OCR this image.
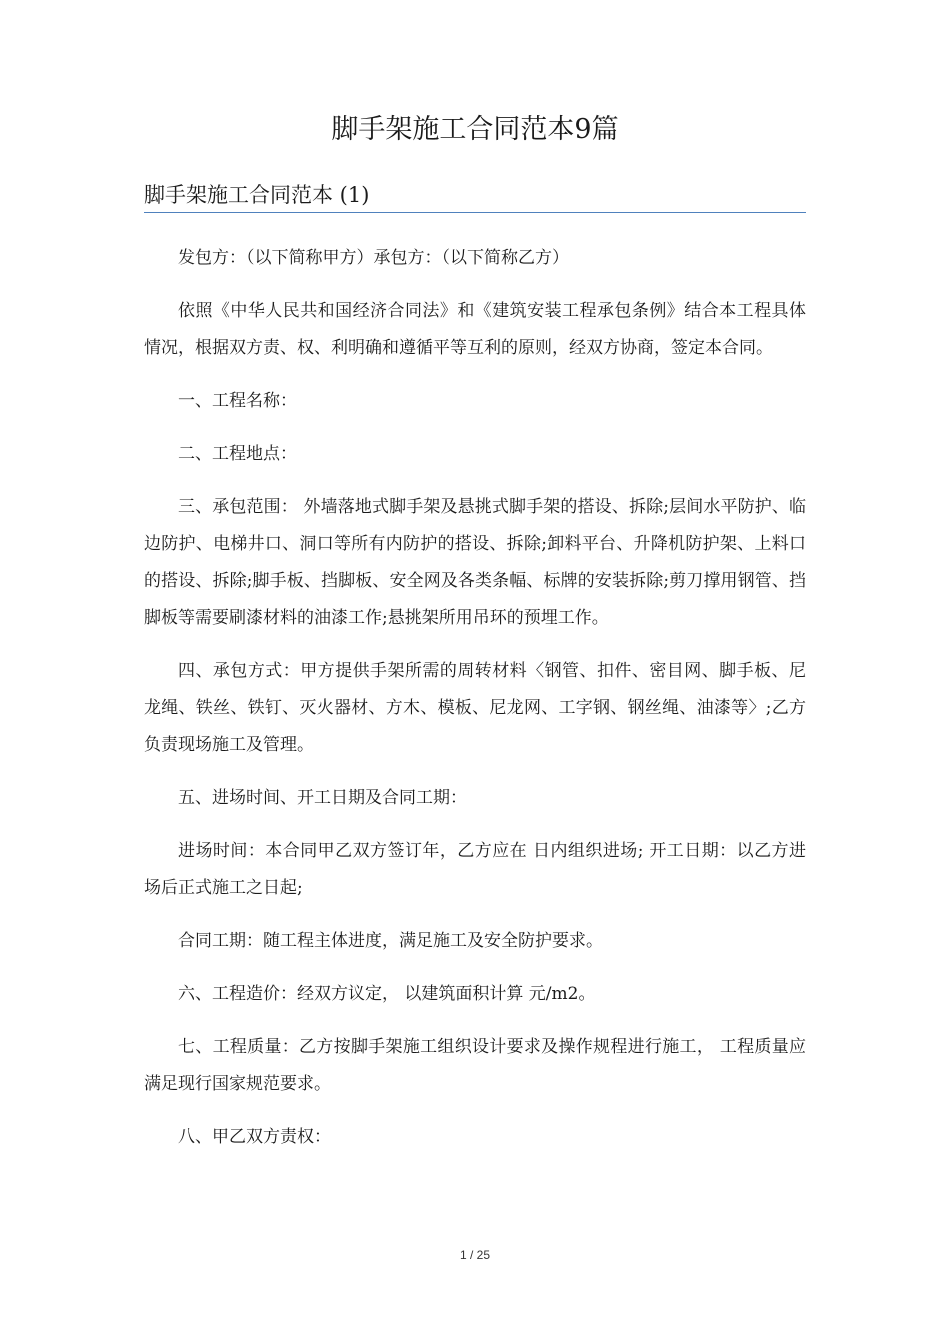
脚手架施工合同范本9篇
脚手架施工合同范本 (1)

发包方：（以下简称甲方）承包方：（以下简称乙方）

依照《中华人民共和国经济合同法》和《建筑安装工程承包条例》结合本工程具体情况，根据双方责、权、利明确和遵循平等互利的原则，经双方协商，签定本合同。

一、工程名称：

二、工程地点：

三、承包范围： 外墙落地式脚手架及悬挑式脚手架的搭设、拆除;层间水平防护、临边防护、电梯井口、洞口等所有内防护的搭设、拆除;卸料平台、升降机防护架、上料口的搭设、拆除;脚手板、挡脚板、安全网及各类条幅、标牌的安装拆除;剪刀撑用钢管、挡脚板等需要刷漆材料的油漆工作;悬挑架所用吊环的预埋工作。

四、承包方式：甲方提供手架所需的周转材料〈钢管、扣件、密目网、脚手板、尼龙绳、铁丝、铁钉、灭火器材、方木、模板、尼龙网、工字钢、钢丝绳、油漆等〉;乙方负责现场施工及管理。

五、进场时间、开工日期及合同工期：

进场时间：本合同甲乙双方签订年，乙方应在 日内组织进场; 开工日期：以乙方进场后正式施工之日起;

合同工期：随工程主体进度，满足施工及安全防护要求。

六、工程造价：经双方议定， 以建筑面积计算 元/m2。

七、工程质量：乙方按脚手架施工组织设计要求及操作规程进行施工， 工程质量应满足现行国家规范要求。

八、甲乙双方责权：

1 / 25
